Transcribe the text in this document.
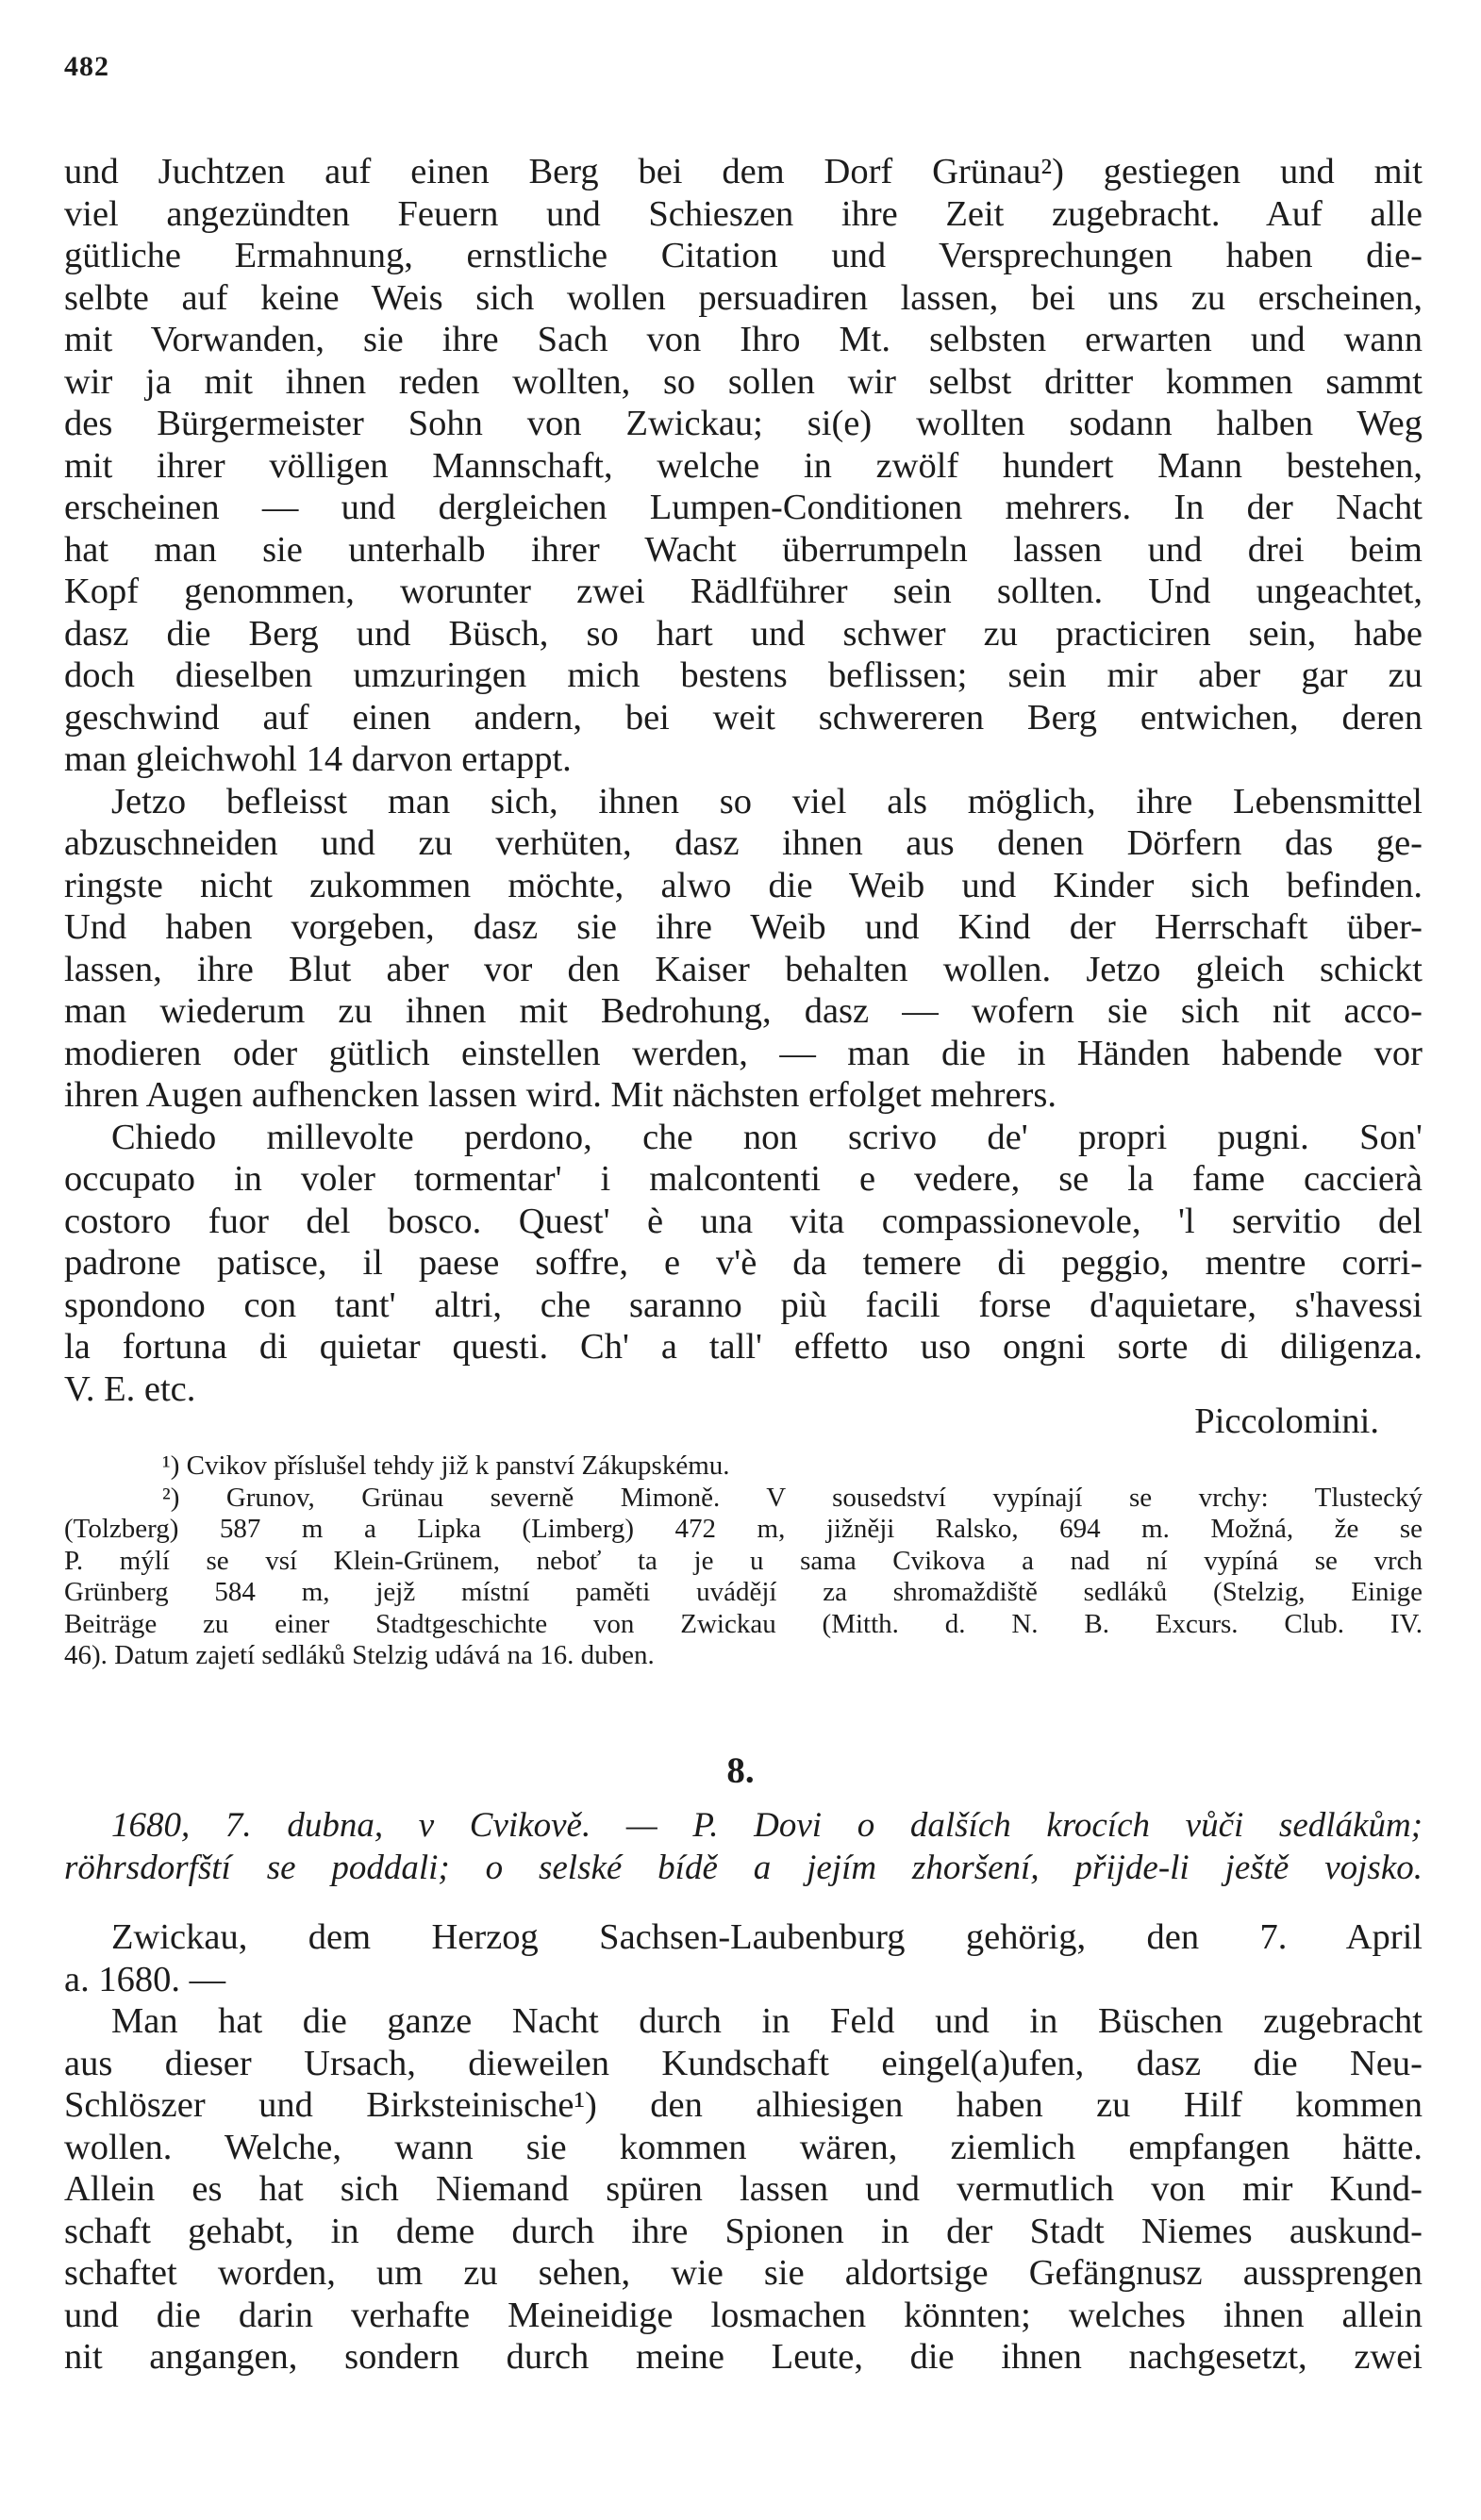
482

und Juchtzen auf einen Berg bei dem Dorf Grünau²) gestiegen und mit
viel angezündten Feuern und Schieszen ihre Zeit zugebracht. Auf alle
gütliche Ermahnung, ernstliche Citation und Versprechungen haben die-
selbte auf keine Weis sich wollen persuadiren lassen, bei uns zu erscheinen,
mit Vorwanden, sie ihre Sach von Ihro Mt. selbsten erwarten und wann
wir ja mit ihnen reden wollten, so sollen wir selbst dritter kommen sammt
des Bürgermeister Sohn von Zwickau; si(e) wollten sodann halben Weg
mit ihrer völligen Mannschaft, welche in zwölf hundert Mann bestehen,
erscheinen — und dergleichen Lumpen-Conditionen mehrers. In der Nacht
hat man sie unterhalb ihrer Wacht überrumpeln lassen und drei beim
Kopf genommen, worunter zwei Rädlführer sein sollten. Und ungeachtet,
dasz die Berg und Büsch, so hart und schwer zu practiciren sein, habe
doch dieselben umzuringen mich bestens beflissen; sein mir aber gar zu
geschwind auf einen andern, bei weit schwereren Berg entwichen, deren
man gleichwohl 14 darvon ertappt.

Jetzo befleisst man sich, ihnen so viel als möglich, ihre Lebensmittel
abzuschneiden und zu verhüten, dasz ihnen aus denen Dörfern das ge-
ringste nicht zukommen möchte, alwo die Weib und Kinder sich befinden.
Und haben vorgeben, dasz sie ihre Weib und Kind der Herrschaft über-
lassen, ihre Blut aber vor den Kaiser behalten wollen. Jetzo gleich schickt
man wiederum zu ihnen mit Bedrohung, dasz — wofern sie sich nit acco-
modieren oder gütlich einstellen werden, — man die in Händen habende vor
ihren Augen aufhencken lassen wird. Mit nächsten erfolget mehrers.

Chiedo millevolte perdono, che non scrivo de' propri pugni. Son'
occupato in voler tormentar' i malcontenti e vedere, se la fame caccierà
costoro fuor del bosco. Quest' è una vita compassionevole, 'l servitio del
padrone patisce, il paese soffre, e v'è da temere di peggio, mentre corri-
spondono con tant' altri, che saranno più facili forse d'aquietare, s'havessi
la fortuna di quietar questi. Ch' a tall' effetto uso ongni sorte di diligenza.
V. E. etc.

Piccolomini.
¹) Cvikov příslušel tehdy již k panství Zákupskému.
²) Grunov, Grünau severně Mimoně. V sousedství vypínají se vrchy: Tlustecký
(Tolzberg) 587 m a Lipka (Limberg) 472 m, jižněji Ralsko, 694 m. Možná, že se
P. mýlí se vsí Klein-Grünem, neboť ta je u sama Cvikova a nad ní vypíná se vrch
Grünberg 584 m, jejž místní paměti uvádějí za shromaždiště sedláků (Stelzig, Einige
Beiträge zu einer Stadtgeschichte von Zwickau (Mitth. d. N. B. Excurs. Club. IV.
46). Datum zajetí sedláků Stelzig udává na 16. duben.
8.
1680, 7. dubna, v Cvikově. — P. Dovi o dalších krocích vůči sedlákům;
röhrsdorfští se poddali; o selské bídě a jejím zhoršení, přijde-li ještě vojsko.

Zwickau, dem Herzog Sachsen-Laubenburg gehörig, den 7. April
a. 1680. —

Man hat die ganze Nacht durch in Feld und in Büschen zugebracht
aus dieser Ursach, dieweilen Kundschaft eingel(a)ufen, dasz die Neu-
Schlöszer und Birksteinische¹) den alhiesigen haben zu Hilf kommen
wollen. Welche, wann sie kommen wären, ziemlich empfangen hätte.
Allein es hat sich Niemand spüren lassen und vermutlich von mir Kund-
schaft gehabt, in deme durch ihre Spionen in der Stadt Niemes auskund-
schaftet worden, um zu sehen, wie sie aldortsige Gefängnusz aussprengen
und die darin verhafte Meineidige losmachen könnten; welches ihnen allein
nit angangen, sondern durch meine Leute, die ihnen nachgesetzt, zwei
